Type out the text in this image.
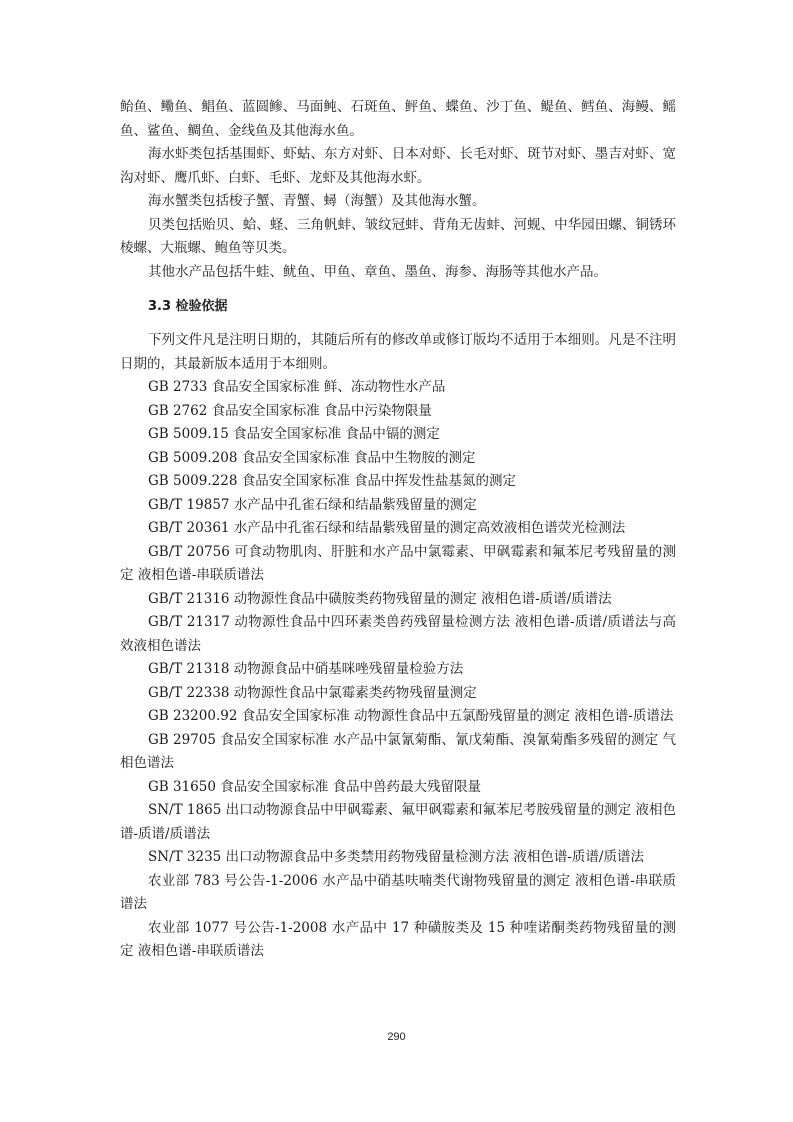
鲐鱼、鳓鱼、鲳鱼、蓝圆鲹、马面鲀、石斑鱼、鲆鱼、蝶鱼、沙丁鱼、鳀鱼、鳕鱼、海鳗、鳐鱼、鲨鱼、鲷鱼、金线鱼及其他海水鱼。

海水虾类包括基围虾、虾蛄、东方对虾、日本对虾、长毛对虾、斑节对虾、墨吉对虾、宽沟对虾、鹰爪虾、白虾、毛虾、龙虾及其他海水虾。

海水蟹类包括梭子蟹、青蟹、蟳（海蟹）及其他海水蟹。

贝类包括贻贝、蛤、蛏、三角帆蚌、皱纹冠蚌、背角无齿蚌、河蚬、中华园田螺、铜锈环棱螺、大瓶螺、鲍鱼等贝类。

其他水产品包括牛蛙、鱿鱼、甲鱼、章鱼、墨鱼、海参、海肠等其他水产品。

3.3 检验依据

下列文件凡是注明日期的，其随后所有的修改单或修订版均不适用于本细则。凡是不注明日期的，其最新版本适用于本细则。

GB 2733 食品安全国家标准 鲜、冻动物性水产品

GB 2762 食品安全国家标准 食品中污染物限量

GB 5009.15 食品安全国家标准 食品中镉的测定

GB 5009.208 食品安全国家标准 食品中生物胺的测定

GB 5009.228 食品安全国家标准 食品中挥发性盐基氮的测定

GB/T 19857 水产品中孔雀石绿和结晶紫残留量的测定

GB/T 20361 水产品中孔雀石绿和结晶紫残留量的测定高效液相色谱荧光检测法

GB/T 20756 可食动物肌肉、肝脏和水产品中氯霉素、甲砜霉素和氟苯尼考残留量的测定 液相色谱-串联质谱法

GB/T 21316 动物源性食品中磺胺类药物残留量的测定 液相色谱-质谱/质谱法

GB/T 21317 动物源性食品中四环素类兽药残留量检测方法 液相色谱-质谱/质谱法与高效液相色谱法

GB/T 21318 动物源食品中硝基咪唑残留量检验方法

GB/T 22338 动物源性食品中氯霉素类药物残留量测定

GB 23200.92 食品安全国家标准 动物源性食品中五氯酚残留量的测定 液相色谱-质谱法

GB 29705 食品安全国家标准 水产品中氯氰菊酯、氰戊菊酯、溴氰菊酯多残留的测定 气相色谱法

GB 31650 食品安全国家标准 食品中兽药最大残留限量

SN/T 1865 出口动物源食品中甲砜霉素、氟甲砜霉素和氟苯尼考胺残留量的测定 液相色谱-质谱/质谱法

SN/T 3235 出口动物源食品中多类禁用药物残留量检测方法 液相色谱-质谱/质谱法

农业部 783 号公告-1-2006 水产品中硝基呋喃类代谢物残留量的测定 液相色谱-串联质谱法

农业部 1077 号公告-1-2008 水产品中 17 种磺胺类及 15 种喹诺酮类药物残留量的测定 液相色谱-串联质谱法

290
